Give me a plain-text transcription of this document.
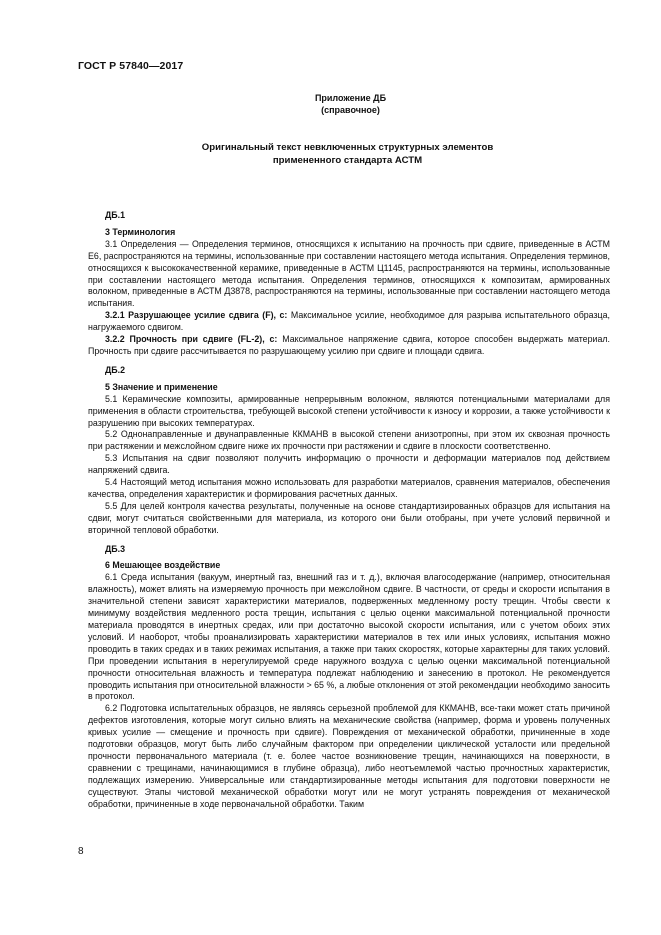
ГОСТ Р 57840—2017
Приложение ДБ
(справочное)
Оригинальный текст невключенных структурных элементов
примененного стандарта АСТМ
ДБ.1
3 Терминология

3.1 Определения — Определения терминов, относящихся к испытанию на прочность при сдвиге, приведенные в АСТМ Е6, распространяются на термины, использованные при составлении настоящего метода испытания. Определения терминов, относящихся к высококачественной керамике, приведенные в АСТМ Ц1145, распространяются на термины, использованные при составлении настоящего метода испытания. Определения терминов, относящихся к композитам, армированных волокном, приведенные в АСТМ Д3878, распространяются на термины, использованные при составлении настоящего метода испытания.

3.2.1 Разрушающее усилие сдвига (F), с: Максимальное усилие, необходимое для разрыва испытательного образца, нагружаемого сдвигом.

3.2.2 Прочность при сдвиге (FL-2), с: Максимальное напряжение сдвига, которое способен выдержать материал. Прочность при сдвиге рассчитывается по разрушающему усилию при сдвиге и площади сдвига.

ДБ.2
5 Значение и применение

5.1 Керамические композиты, армированные непрерывным волокном, являются потенциальными материалами для применения в области строительства, требующей высокой степени устойчивости к износу и коррозии, а также устойчивости к разрушению при высоких температурах.

5.2 Однонаправленные и двунаправленные ККМАНВ в высокой степени анизотропны, при этом их сквозная прочность при растяжении и межслойном сдвиге ниже их прочности при растяжении и сдвиге в плоскости соответственно.

5.3 Испытания на сдвиг позволяют получить информацию о прочности и деформации материалов под действием напряжений сдвига.

5.4 Настоящий метод испытания можно использовать для разработки материалов, сравнения материалов, обеспечения качества, определения характеристик и формирования расчетных данных.

5.5 Для целей контроля качества результаты, полученные на основе стандартизированных образцов для испытания на сдвиг, могут считаться свойственными для материала, из которого они были отобраны, при учете условий первичной и вторичной тепловой обработки.

ДБ.3
6 Мешающее воздействие

6.1 Среда испытания (вакуум, инертный газ, внешний газ и т. д.), включая влагосодержание (например, относительная влажность), может влиять на измеряемую прочность при межслойном сдвиге. В частности, от среды и скорости испытания в значительной степени зависят характеристики материалов, подверженных медленному росту трещин. Чтобы свести к минимуму воздействия медленного роста трещин, испытания с целью оценки максимальной потенциальной прочности материала проводятся в инертных средах, или при достаточно высокой скорости испытания, или с учетом обоих этих условий. И наоборот, чтобы проанализировать характеристики материалов в тех или иных условиях, испытания можно проводить в таких средах и в таких режимах испытания, а также при таких скоростях, которые характерны для таких условий. При проведении испытания в нерегулируемой среде наружного воздуха с целью оценки максимальной потенциальной прочности относительная влажность и температура подлежат наблюдению и занесению в протокол. Не рекомендуется проводить испытания при относительной влажности > 65 %, а любые отклонения от этой рекомендации необходимо заносить в протокол.

6.2 Подготовка испытательных образцов, не являясь серьезной проблемой для ККМАНВ, все-таки может стать причиной дефектов изготовления, которые могут сильно влиять на механические свойства (например, форма и уровень полученных кривых усилие — смещение и прочность при сдвиге). Повреждения от механической обработки, причиненные в ходе подготовки образцов, могут быть либо случайным фактором при определении циклической усталости или предельной прочности первоначального материала (т. е. более частое возникновение трещин, начинающихся на поверхности, в сравнении с трещинами, начинающимися в глубине образца), либо неотъемлемой частью прочностных характеристик, подлежащих измерению. Универсальные или стандартизированные методы испытания для подготовки поверхности не существуют. Этапы чистовой механической обработки могут или не могут устранять повреждения от механической обработки, причиненные в ходе первоначальной обработки. Таким

8
